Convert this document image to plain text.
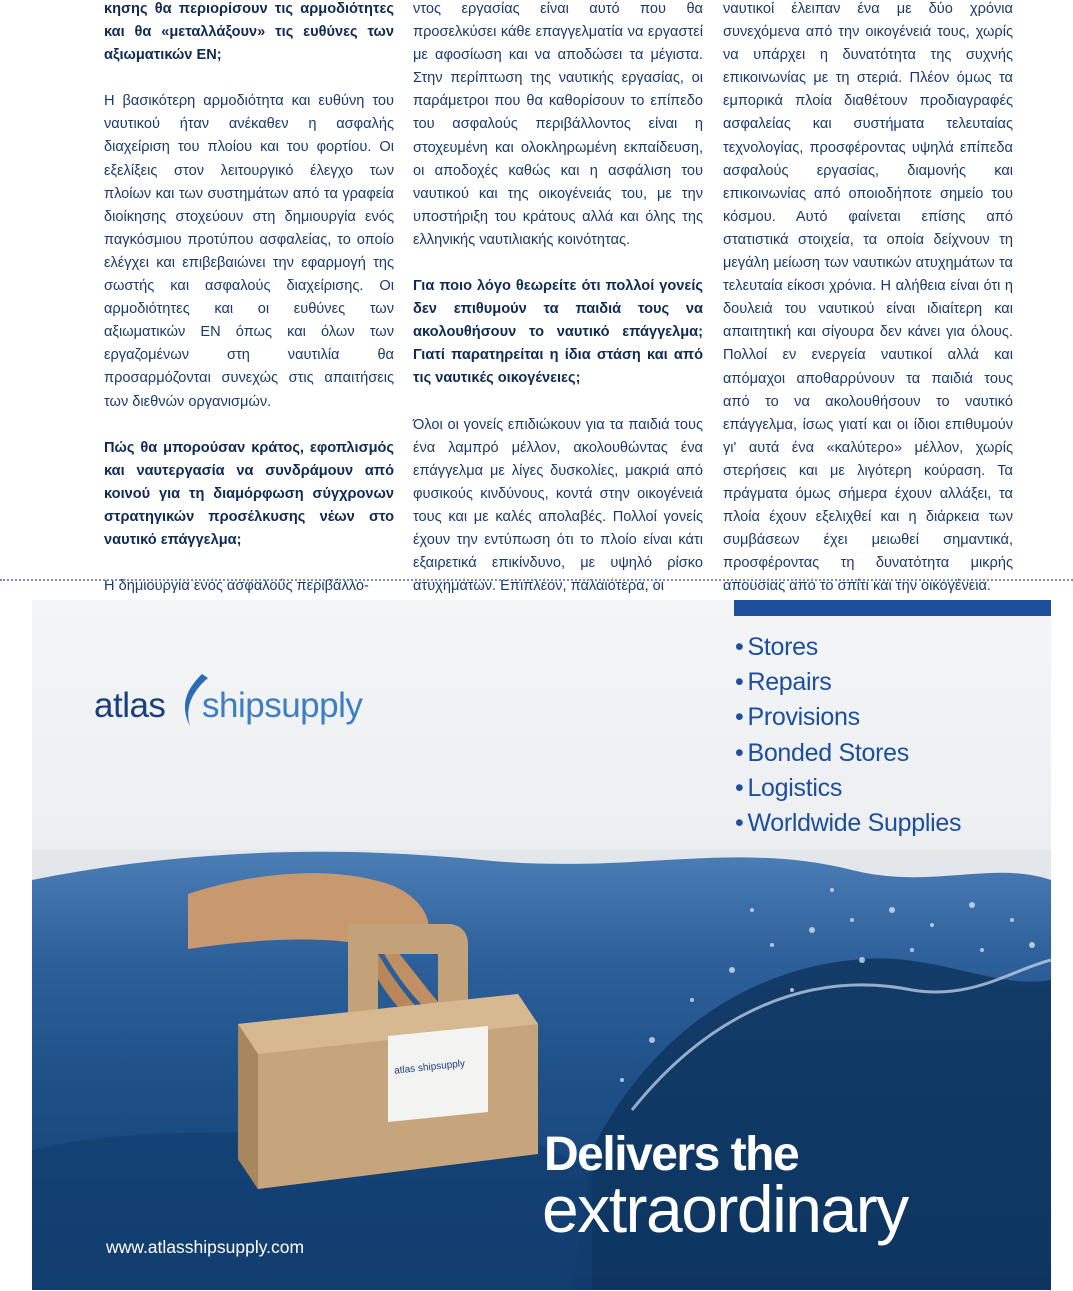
κησης θα περιορίσουν τις αρμοδιότητες και θα «μεταλλάξουν» τις ευθύνες των αξιωματικών ΕΝ;

Η βασικότερη αρμοδιότητα και ευθύνη του ναυτικού ήταν ανέκαθεν η ασφαλής διαχείριση του πλοίου και του φορτίου. Οι εξελίξεις στον λειτουργικό έλεγχο των πλοίων και των συστημάτων από τα γραφεία διοίκησης στοχεύουν στη δημιουργία ενός παγκόσμιου προτύπου ασφαλείας, το οποίο ελέγχει και επιβεβαιώνει την εφαρμογή της σωστής και ασφαλούς διαχείρισης. Οι αρμοδιότητες και οι ευθύνες των αξιωματικών ΕΝ όπως και όλων των εργαζομένων στη ναυτιλία θα προσαρμόζονται συνεχώς στις απαιτήσεις των διεθνών οργανισμών.

Πώς θα μπορούσαν κράτος, εφοπλισμός και ναυτεργασία να συνδράμουν από κοινού για τη διαμόρφωση σύγχρονων στρατηγικών προσέλκυσης νέων στο ναυτικό επάγγελμα;

Η δημιουργία ενός ασφαλούς περιβάλλο-

ντος εργασίας είναι αυτό που θα προσελκύσει κάθε επαγγελματία να εργαστεί με αφοσίωση και να αποδώσει τα μέγιστα. Στην περίπτωση της ναυτικής εργασίας, οι παράμετροι που θα καθορίσουν το επίπεδο του ασφαλούς περιβάλλοντος είναι η στοχευμένη και ολοκληρωμένη εκπαίδευση, οι αποδοχές καθώς και η ασφάλιση του ναυτικού και της οικογένειάς του, με την υποστήριξη του κράτους αλλά και όλης της ελληνικής ναυτιλιακής κοινότητας.

Για ποιο λόγο θεωρείτε ότι πολλοί γονείς δεν επιθυμούν τα παιδιά τους να ακολουθήσουν το ναυτικό επάγγελμα; Γιατί παρατηρείται η ίδια στάση και από τις ναυτικές οικογένειες;

Όλοι οι γονείς επιδιώκουν για τα παιδιά τους ένα λαμπρό μέλλον, ακολουθώντας ένα επάγγελμα με λίγες δυσκολίες, μακριά από φυσικούς κινδύνους, κοντά στην οικογένειά τους και με καλές απολαβές. Πολλοί γονείς έχουν την εντύπωση ότι το πλοίο είναι κάτι εξαιρετικά επικίνδυνο, με υψηλό ρίσκο ατυχημάτων. Επιπλέον, παλαιότερα, οι

ναυτικοί έλειπαν ένα με δύο χρόνια συνεχόμενα από την οικογένειά τους, χωρίς να υπάρχει η δυνατότητα της συχνής επικοινωνίας με τη στεριά. Πλέον όμως τα εμπορικά πλοία διαθέτουν προδιαγραφές ασφαλείας και συστήματα τελευταίας τεχνολογίας, προσφέροντας υψηλά επίπεδα ασφαλούς εργασίας, διαμονής και επικοινωνίας από οποιοδήποτε σημείο του κόσμου. Αυτό φαίνεται επίσης από στατιστικά στοιχεία, τα οποία δείχνουν τη μεγάλη μείωση των ναυτικών ατυχημάτων τα τελευταία είκοσι χρόνια. Η αλήθεια είναι ότι η δουλειά του ναυτικού είναι ιδιαίτερη και απαιτητική και σίγουρα δεν κάνει για όλους. Πολλοί εν ενεργεία ναυτικοί αλλά και απόμαχοι αποθαρρύνουν τα παιδιά τους από το να ακολουθήσουν το ναυτικό επάγγελμα, ίσως γιατί και οι ίδιοι επιθυμούν γι' αυτά ένα «καλύτερο» μέλλον, χωρίς στερήσεις και με λιγότερη κούραση. Τα πράγματα όμως σήμερα έχουν αλλάξει, τα πλοία έχουν εξελιχθεί και η διάρκεια των συμβάσεων έχει μειωθεί σημαντικά, προσφέροντας τη δυνατότητα μικρής απουσίας από το σπίτι και την οικογένεια.

atlas shipsupply
• Stores
• Repairs
• Provisions
• Bonded Stores
• Logistics
• Worldwide Supplies
atlas shipsupply
Delivers the
extraordinary
www.atlasshipsupply.com
